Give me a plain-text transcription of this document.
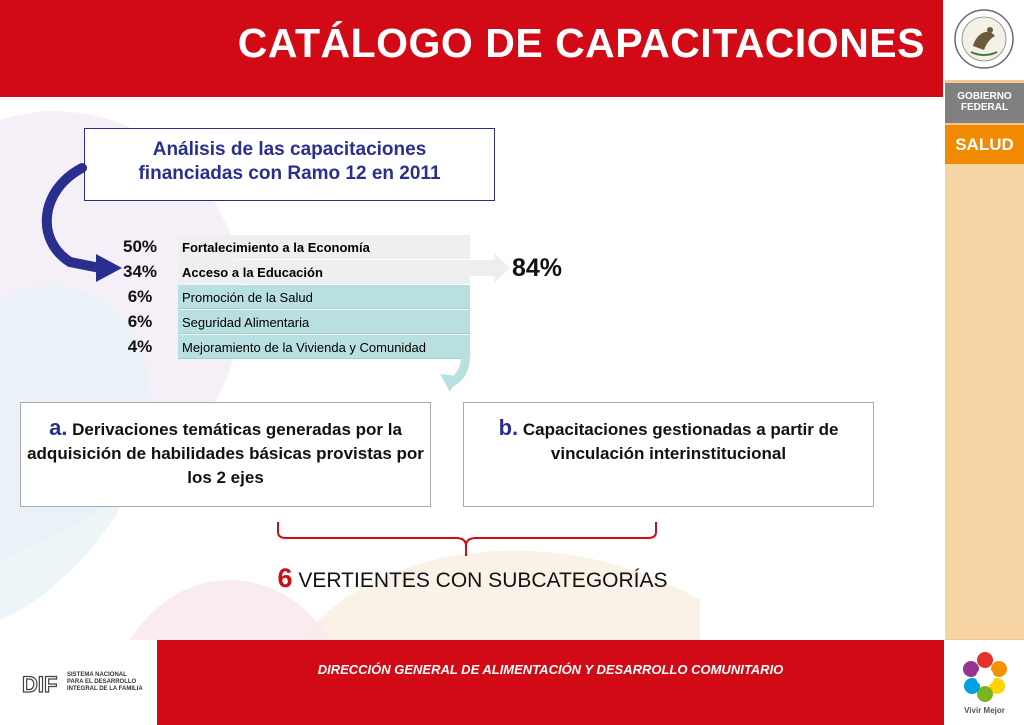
CATÁLOGO DE CAPACITACIONES
GOBIERNO
FEDERAL
SALUD
Vivir Mejor
Análisis de las capacitaciones
financiadas con Ramo 12 en 2011
50%
34%
6%
6%
4%
Fortalecimiento a la Economía
Acceso a la Educación
Promoción de la Salud
Seguridad Alimentaria
Mejoramiento de la Vivienda y Comunidad
84%
a. Derivaciones temáticas generadas por la adquisición de habilidades básicas provistas por los 2 ejes
b. Capacitaciones gestionadas a partir de vinculación interinstitucional
6 VERTIENTES CON SUBCATEGORÍAS
DIF SISTEMA NACIONAL
PARA EL DESARROLLO
INTEGRAL DE LA FAMILIA
DIRECCIÓN GENERAL DE ALIMENTACIÓN Y DESARROLLO COMUNITARIO
